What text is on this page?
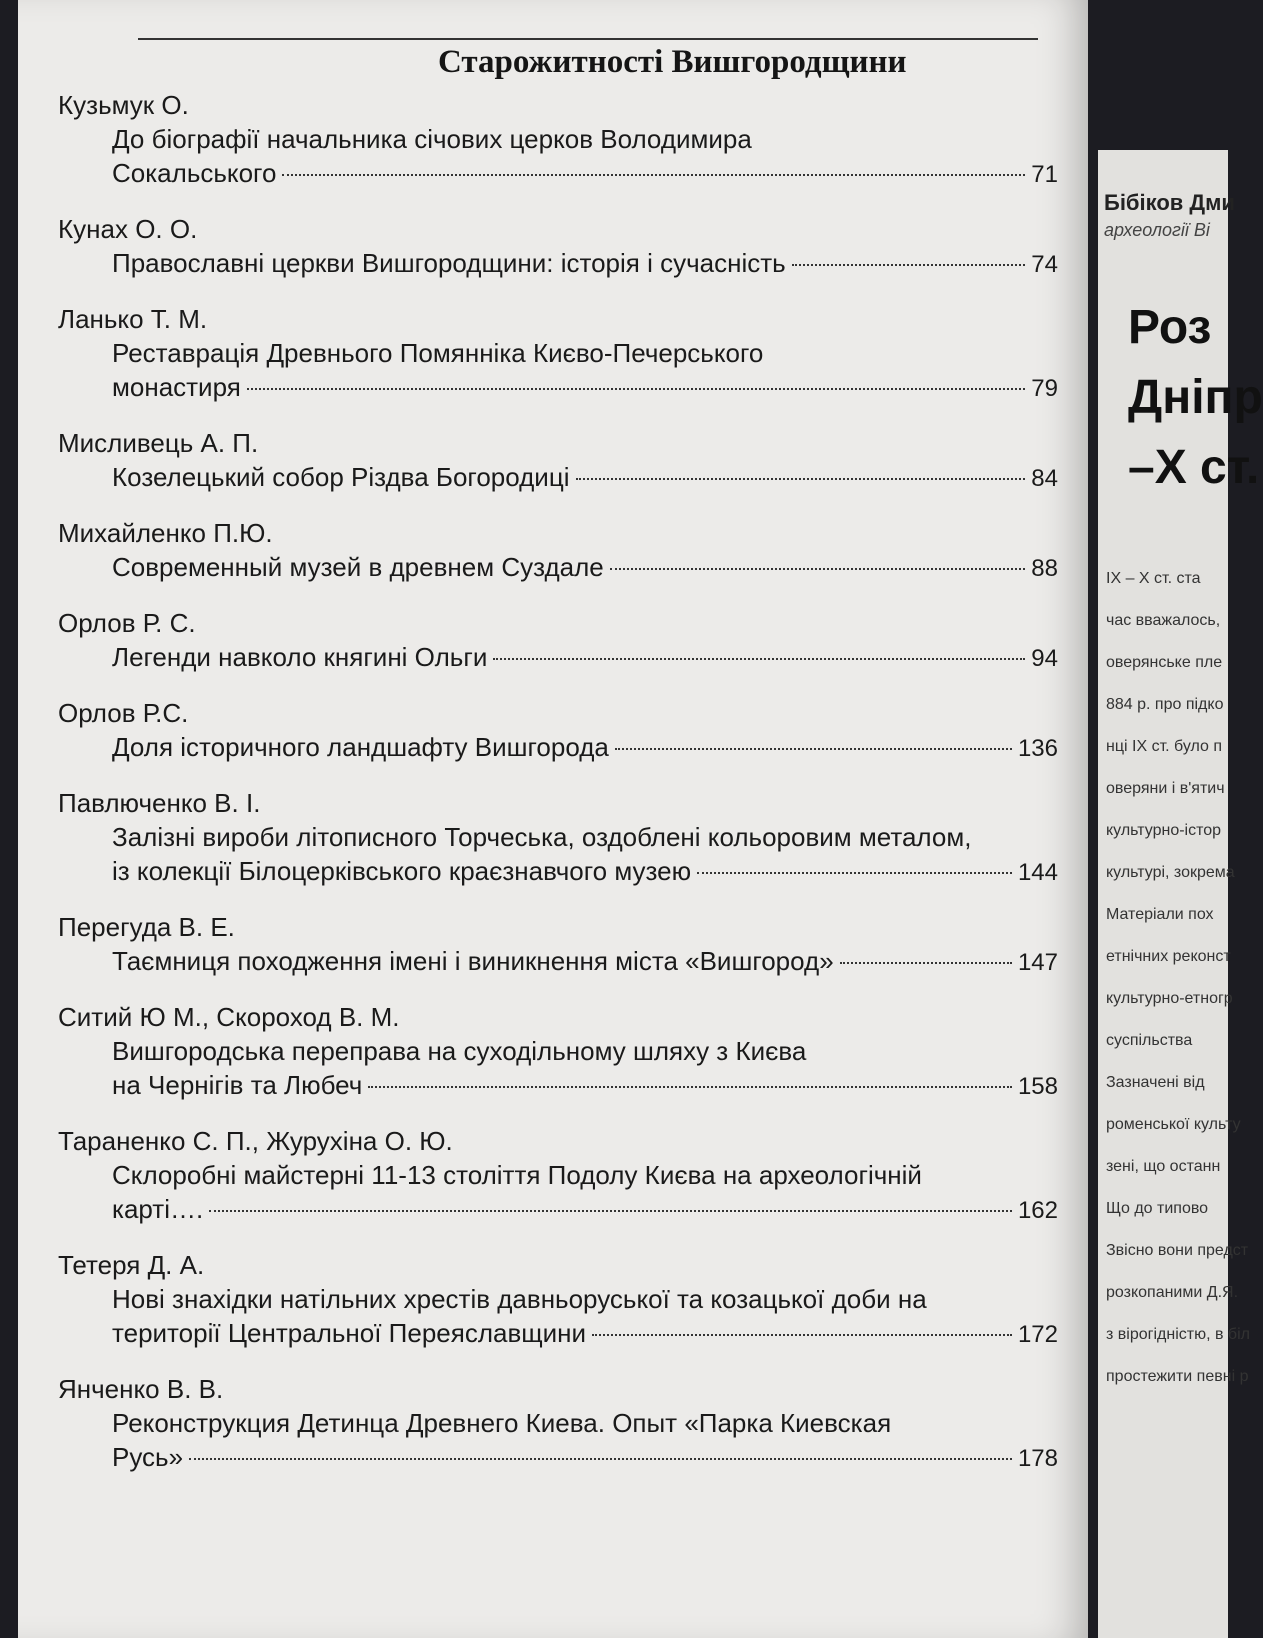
Старожитності Вишгородщини
Кузьмук О.
До біографії начальника січових церков Володимира
Сокальського	71
Кунах О. О.
Православні церкви Вишгородщини: історія і сучасність	74
Ланько Т. М.
Реставрація Древнього Помяннiка Києво-Печерського
монастиря	79
Мисливець А. П.
Козелецький собор Різдва Богородиці	84
Михайленко П.Ю.
Современный музей в древнем Суздале	88
Орлов Р. С.
Легенди навколо княгині Ольги	94
Орлов Р.С.
Доля історичного ландшафту Вишгорода	136
Павлюченко В. І.
Залізні вироби літописного Торчеська, оздоблені кольоровим металом,
із колекції Білоцерківського краєзнавчого музею	144
Перегуда В. Е.
Таємниця походження імені і виникнення міста «Вишгород»	147
Ситий Ю М., Скороход В. М.
Вишгородська переправа на суходільному шляху з Києва
на Чернігів та Любеч	158
Тараненко С. П., Журухіна О. Ю.
Склоробні майстерні 11-13 століття Подолу Києва на археологічній
карті….	162
Тетеря Д. А.
Нові знахідки натільних хрестів давньоруської та козацької доби на
території Центральної Переяславщини	172
Янченко В. В.
Реконструкция Детинца Древнего Киева. Опыт «Парка Киевская
Русь»	178
Бібіков Дми
археології Ві
Роз
Дніпр
–Х ст.
IX – X ст. ста
час вважалось,
оверянське пле
884 р. про підко
нці IX ст. було п
оверяни і в'ятич
культурно-істор
культурі, зокрема
Матеріали пох
етнічних реконст
культурно-етногр
суспільства
Зазначені від
роменської культу
зені, що останн
Що до типово
Звісно вони предст
розкопаними Д.Я.
з вірогідністю, в біл
простежити певні р
